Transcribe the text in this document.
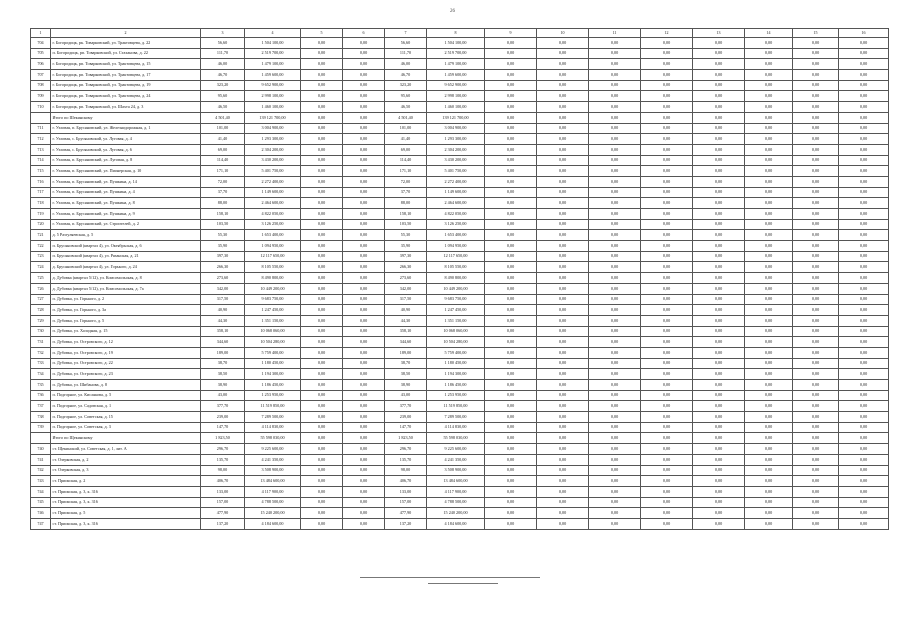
26
1	2	3	4	5	6	7	8	9	10	11	12	13	14	15	16
704	г. Богородицк, рк. Товарковский, ул. Трактовцева, д. 22	56,60	1 504 100,00	0,00	0,00	56,60	1 504 100,00	0,00	0,00	0,00	0,00	0,00	0,00	0,00	0,00
705	п. Богородицк, рп. Товарковский, ул. Стаханова, д. 22	111,70	2 519 700,00	0,00	0,00	111,70	2 519 700,00	0,00	0,00	0,00	0,00	0,00	0,00	0,00	0,00
706	г. Богородицк, рп. Товарковский, ул. Трактовцева, д. 15	46,00	1 479 100,00	0,00	0,00	46,00	1 479 100,00	0,00	0,00	0,00	0,00	0,00	0,00	0,00	0,00
707	г. Богородицк, рп. Товарковский, ул. Трактовцева, д. 17	46,70	1 459 600,00	0,00	0,00	46,70	1 459 600,00	0,00	0,00	0,00	0,00	0,00	0,00	0,00	0,00
708	г. Богородицк, рп. Товарковский, ул. Трактовцева, д. 19	323,20	9 652 900,00	0,00	0,00	323,20	9 652 900,00	0,00	0,00	0,00	0,00	0,00	0,00	0,00	0,00
709	г. Богородицк, рп. Товарковский, ул. Трактовцева, д. 24	95,60	2 998 100,00	0,00	0,00	95,60	2 998 100,00	0,00	0,00	0,00	0,00	0,00	0,00	0,00	0,00
710	г. Богородицк, рп. Товарковский, ул. Шахта 24, д. 3	46,50	1 460 100,00	0,00	0,00	46,50	1 460 100,00	0,00	0,00	0,00	0,00	0,00	0,00	0,00	0,00
	Итого по Шекинскому	4 501,40	139 121 700,00	0,00	0,00	4 501,40	139 121 700,00	0,00	0,00	0,00	0,00	0,00	0,00	0,00	0,00
711	г. Узловая, п. Брусяновский, ул. Железнодорожная, д. 1	101,00	3 004 900,00	0,00	0,00	101,00	3 004 900,00	0,00	0,00	0,00	0,00	0,00	0,00	0,00	0,00
712	г. Узловая, с. Брусяновский, ул. Луговая, д. 4	41,40	1 293 300,00	0,00	0,00	41,40	1 293 300,00	0,00	0,00	0,00	0,00	0,00	0,00	0,00	0,00
713	г. Узловая, с. Брусяновский, ул. Луговая, д. 6	69,00	2 304 200,00	0,00	0,00	69,00	2 304 200,00	0,00	0,00	0,00	0,00	0,00	0,00	0,00	0,00
714	г. Узловая, п. Брусяновский, ул. Луговая, д. 8	114,40	3 430 200,00	0,00	0,00	114,40	3 430 200,00	0,00	0,00	0,00	0,00	0,00	0,00	0,00	0,00
715	г. Узловая, п. Брусяновский, ул. Пионерская, д. 10	171,10	5 401 750,00	0,00	0,00	171,10	5 401 750,00	0,00	0,00	0,00	0,00	0,00	0,00	0,00	0,00
716	г. Узловая, п. Брусяновский, ул. Пушкина, д. 14	72,00	2 272 400,00	0,00	0,00	72,00	2 272 400,00	0,00	0,00	0,00	0,00	0,00	0,00	0,00	0,00
717	г. Узловая, п. Брусяновский, ул. Пушкина, д. 4	37,70	1 149 600,00	0,00	0,00	37,70	1 149 600,00	0,00	0,00	0,00	0,00	0,00	0,00	0,00	0,00
718	г. Узловая, п. Брусяновский, ул. Пушкина, д. 8	88,00	2 464 600,00	0,00	0,00	88,00	2 464 600,00	0,00	0,00	0,00	0,00	0,00	0,00	0,00	0,00
719	г. Узловая, п. Брусяновский, ул. Пушкина, д. 9	158,10	4 822 050,00	0,00	0,00	158,10	4 822 050,00	0,00	0,00	0,00	0,00	0,00	0,00	0,00	0,00
720	г. Узловая, п. Брусяновский, ул. Строителей, д. 2	103,50	3 126 250,00	0,00	0,00	103,50	3 126 250,00	0,00	0,00	0,00	0,00	0,00	0,00	0,00	0,00
721	д. 5 Разгуляевская, д. 5	55,30	1 653 400,00	0,00	0,00	55,30	1 653 400,00	0,00	0,00	0,00	0,00	0,00	0,00	0,00	0,00
722	п. Брусяновский (квартал 4), ул. Октябрьская, д. 6	35,90	1 094 950,00	0,00	0,00	35,90	1 094 950,00	0,00	0,00	0,00	0,00	0,00	0,00	0,00	0,00
723	п. Брусяновский (квартал 4), ул. Рязанская, д. 21	397,30	12 117 650,00	0,00	0,00	397,30	12 117 650,00	0,00	0,00	0,00	0,00	0,00	0,00	0,00	0,00
724	д. Брусяновский (квартал 4), ул. Горького, д. 24	266,30	8 105 550,00	0,00	0,00	266,30	8 105 550,00	0,00	0,00	0,00	0,00	0,00	0,00	0,00	0,00
725	д. Дубовка (квартал 5/12), ул. Комсомольская, д. 8	273,60	8 490 800,00	0,00	0,00	273,60	8 490 800,00	0,00	0,00	0,00	0,00	0,00	0,00	0,00	0,00
726	д. Дубовка (квартал 5/12), ул. Комсомольская, д. 7а	342,00	10 449 200,00	0,00	0,00	342,00	10 449 200,00	0,00	0,00	0,00	0,00	0,00	0,00	0,00	0,00
727	п. Дубовка, ул. Горького, д. 2	317,50	9 683 750,00	0,00	0,00	317,50	9 683 750,00	0,00	0,00	0,00	0,00	0,00	0,00	0,00	0,00
728	п. Дубовка, ул. Горького, д. 3а	40,90	1 247 450,00	0,00	0,00	40,90	1 247 450,00	0,00	0,00	0,00	0,00	0,00	0,00	0,00	0,00
729	п. Дубовка, ул. Горького, д. 5	44,30	1 351 150,00	0,00	0,00	44,30	1 351 150,00	0,00	0,00	0,00	0,00	0,00	0,00	0,00	0,00
730	п. Дубовка, ул. Холодная, д. 15	358,10	10 068 060,00	0,00	0,00	358,10	10 068 060,00	0,00	0,00	0,00	0,00	0,00	0,00	0,00	0,00
731	п. Дубовка, ул. Островского, д. 12	344,60	10 504 280,00	0,00	0,00	344,60	10 504 280,00	0,00	0,00	0,00	0,00	0,00	0,00	0,00	0,00
732	п. Дубовка, ул. Островского, д. 19	189,00	5 759 400,00	0,00	0,00	189,00	5 759 400,00	0,00	0,00	0,00	0,00	0,00	0,00	0,00	0,00
733	п. Дубовка, ул. Островского, д. 22	38,70	1 180 450,00	0,00	0,00	38,70	1 180 450,00	0,00	0,00	0,00	0,00	0,00	0,00	0,00	0,00
734	п. Дубовка, ул. Островского, д. 23	38,50	1 194 300,00	0,00	0,00	38,50	1 194 300,00	0,00	0,00	0,00	0,00	0,00	0,00	0,00	0,00
735	п. Дубовка, ул. Шибанова, д. 8	38,90	1 186 450,00	0,00	0,00	38,90	1 186 450,00	0,00	0,00	0,00	0,00	0,00	0,00	0,00	0,00
736	п. Подгорное, ул. Кислякова, д. 5	43,00	1 253 950,00	0,00	0,00	43,00	1 253 950,00	0,00	0,00	0,00	0,00	0,00	0,00	0,00	0,00
737	п. Подгорное, ул. Садовская, д. 1	377,70	11 519 850,00	0,00	0,00	377,70	11 519 850,00	0,00	0,00	0,00	0,00	0,00	0,00	0,00	0,00
738	п. Подгорное, ул. Советская, д. 15	239,00	7 289 500,00	0,00	0,00	239,00	7 289 500,00	0,00	0,00	0,00	0,00	0,00	0,00	0,00	0,00
739	п. Подгорное, ул. Советская, д. 3	147,70	4 114 830,00	0,00	0,00	147,70	4 114 830,00	0,00	0,00	0,00	0,00	0,00	0,00	0,00	0,00
	Итого по Щекинскому	1 823,50	55 598 030,00	0,00	0,00	1 823,50	55 598 030,00	0,00	0,00	0,00	0,00	0,00	0,00	0,00	0,00
740	ст. Щекинский, ул. Советская, д. 1, лит. А	296,70	9 225 600,00	0,00	0,00	296,70	9 225 600,00	0,00	0,00	0,00	0,00	0,00	0,00	0,00	0,00
741	ст. Озерковская, д. 2	135,70	4 241 350,00	0,00	0,00	135,70	4 241 350,00	0,00	0,00	0,00	0,00	0,00	0,00	0,00	0,00
742	ст. Озерковская, д. 3	98,00	3 508 900,00	0,00	0,00	98,00	3 508 900,00	0,00	0,00	0,00	0,00	0,00	0,00	0,00	0,00
743	ст. Приокская, д. 2	406,70	13 484 600,00	0,00	0,00	406,70	13 484 600,00	0,00	0,00	0,00	0,00	0,00	0,00	0,00	0,00
744	ст. Приокская, д. 3, к. 316	133,00	4 117 900,00	0,00	0,00	133,00	4 117 900,00	0,00	0,00	0,00	0,00	0,00	0,00	0,00	0,00
745	ст. Приокская, д. 3, к. 316	157,00	4 788 500,00	0,00	0,00	157,00	4 788 500,00	0,00	0,00	0,00	0,00	0,00	0,00	0,00	0,00
746	ст. Приокская, д. 5	477,90	15 240 200,00	0,00	0,00	477,90	15 240 200,00	0,00	0,00	0,00	0,00	0,00	0,00	0,00	0,00
747	ст. Приокская, д. 3, к. 316	137,20	4 184 600,00	0,00	0,00	137,20	4 184 600,00	0,00	0,00	0,00	0,00	0,00	0,00	0,00	0,00
